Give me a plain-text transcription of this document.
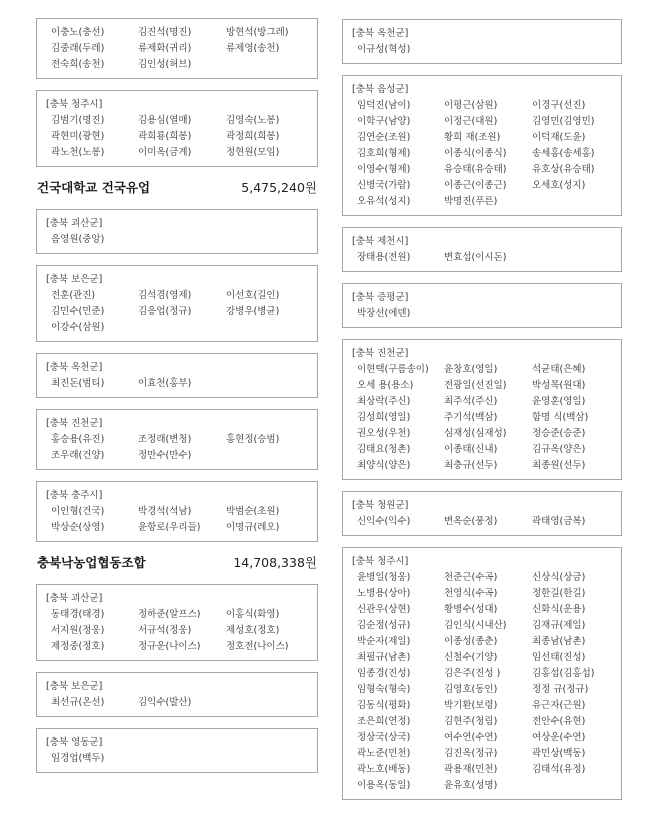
이충노(충선)	김진석(명진)	방현석(방그레)
김중래(두레)	류제화(귀리)	류제영(송천)
전숙희(송천)	김인성(허브)
[충북 청주시]
김범기(명진)	김용심(열매)	김영숙(노봉)
곽현미(광현)	곽희룡(희봉)	곽정희(희봉)
곽노천(노봉)	이미옥(금계)	정현원(모임)
건국대학교 건국유업	5,475,240원
[충북 괴산군]
음영원(중앙)
[충북 보은군]
전훈(관진)	김석겸(영제)	이선호(길인)
김민수(민준)	김응업(정규)	강병우(병균)
이강수(삼원)
[충북 옥천군]
최진돈(범티)	이효천(홍부)
[충북 진천군]
홍승용(유진)	조정래(변청)	홍현정(승범)
조우래(건양)	정만수(만수)
[충북 충주시]
이인형(건국)	박경석(석남)	박범순(초원)
박상순(상영)	윤항로(우리들)	이명규(레오)
충북낙농업협동조합	14,708,338원
[충북 괴산군]
동태경(태경)	정하준(알프스)	이홍식(화영)
서지원(정웅)	서규석(정웅)	제성호(정호)
제정중(정호)	정규운(나이스)	정호전(나이스)
[충북 보은군]
최선규(온선)	김익수(발산)
[충북 영동군]
임경업(백두)
[충북 옥천군]
이규성(혁성)
[충북 음성군]
임덕진(남이)	이평근(삼원)	이경구(선진)
이학구(남양)	이정근(대원)	김영민(김영민)
김연순(조원)	황희 재(조원)	이덕재(도윤)
김호희(형제)	이종식(이종식)	송세홍(송세홍)
이영수(형제)	유승태(유승태)	유호상(유승태)
신병국(가람)	이종근(이종근)	오세호(성지)
오유석(성지)	박명진(푸른)
[충북 제천시]
장태용(전원)	변효섭(이시돈)
[충북 증평군]
박장선(에덴)
[충북 진천군]
이현택(구름송이)	윤창호(영일)	석균태(은혜)
오세 용(용소)	전광일(선진일)	박성목(원대)
최상락(주신)	최주석(주신)	윤영훈(영일)
김성희(영일)	주기석(백삼)	함명 식(백삼)
권오성(우천)	심재성(심재성)	정승준(승준)
김태요(청촌)	이종태(신내)	김규옥(양은)
최양식(양은)	최충규(선두)	최종원(선두)
[충북 청원군]
신익수(익수)	변옥순(풍정)	곽태영(금복)
[충북 청주시]
윤병일(청웅)	천준근(수곡)	신상식(상금)
노병용(상아)	천영식(수곡)	정한길(한길)
신관우(상현)	황병수(성대)	신화식(운용)
김순정(성규)	김인식(시내산)	김재규(제일)
박순자(제일)	이종성(종춘)	최종남(남촌)
최필규(남촌)	신철수(기양)	임선태(진성)
임종경(진성)	김은주(진성 )	김홍섭(김홍섭)
임형숙(형숙)	김영호(동인)	정정 규(정규)
김동식(평화)	박기환(보령)	유근자(근원)
조은희(연정)	김현주(청림)	전안수(유현)
정상국(상국)	여수연(수연)	여상운(수연)
곽노준(민천)	김진옥(정규)	곽민상(백동)
곽노호(배동)	곽용재(민천)	김태석(유정)
이용옥(동일)	윤유호(성명)
